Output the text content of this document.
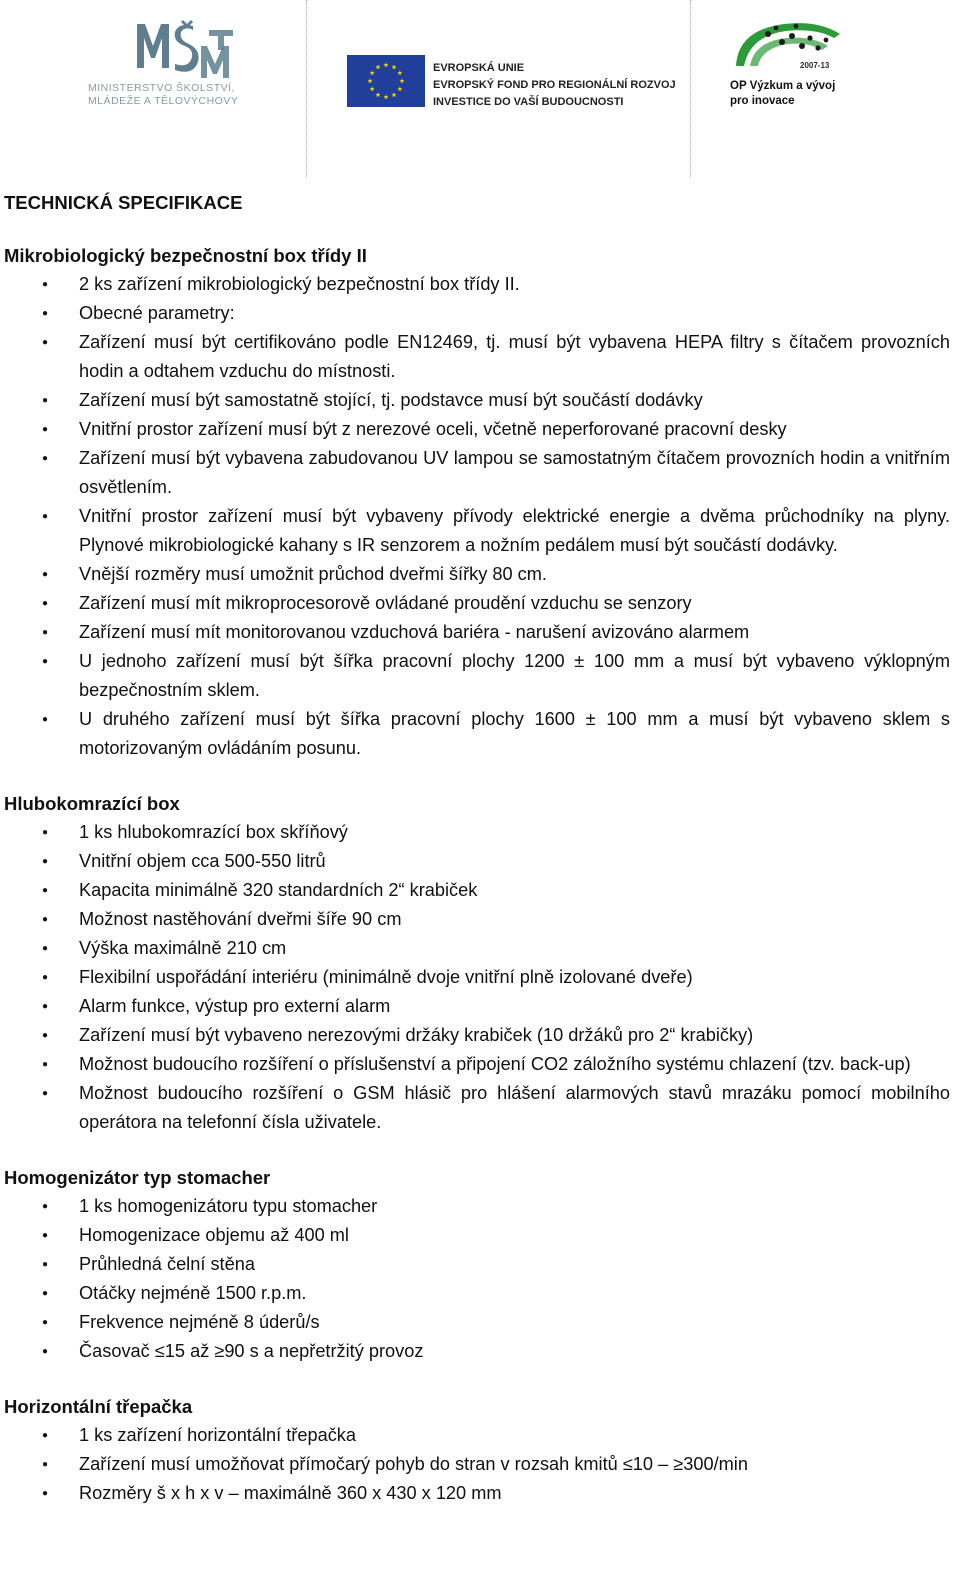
MINISTERSTVO ŠKOLSTVÍ,
MLÁDEŽE A TĚLOVÝCHOVY
EVROPSKÁ UNIE
EVROPSKÝ FOND PRO REGIONÁLNÍ ROZVOJ
INVESTICE DO VAŠÍ BUDOUCNOSTI
2007-13
OP Výzkum a vývoj
pro inovace
TECHNICKÁ SPECIFIKACE
Mikrobiologický bezpečnostní box třídy II
● 2 ks zařízení mikrobiologický bezpečnostní box třídy II.
● Obecné parametry:
● Zařízení musí být certifikováno podle EN12469, tj. musí být vybavena HEPA filtry s čítačem provozních hodin a odtahem vzduchu do místnosti.
● Zařízení musí být samostatně stojící, tj. podstavce musí být součástí dodávky
● Vnitřní prostor zařízení musí být z nerezové oceli, včetně neperforované pracovní desky
● Zařízení musí být vybavena zabudovanou UV lampou se samostatným čítačem provozních hodin a vnitřním osvětlením.
● Vnitřní prostor zařízení musí být vybaveny přívody elektrické energie a dvěma průchodníky na plyny. Plynové mikrobiologické kahany s IR senzorem a nožním pedálem musí být součástí dodávky.
● Vnější rozměry musí umožnit průchod dveřmi šířky 80 cm.
● Zařízení musí mít mikroprocesorově ovládané proudění vzduchu se senzory
● Zařízení musí mít monitorovanou vzduchová bariéra - narušení avizováno alarmem
● U jednoho zařízení musí být šířka pracovní plochy 1200 ± 100 mm a musí být vybaveno výklopným bezpečnostním sklem.
● U druhého zařízení musí být šířka pracovní plochy 1600 ± 100 mm a musí být vybaveno sklem s motorizovaným ovládáním posunu.
Hlubokomrazící box
● 1 ks hlubokomrazící box skříňový
● Vnitřní objem cca 500-550 litrů
● Kapacita minimálně 320 standardních 2“ krabiček
● Možnost nastěhování dveřmi šíře 90 cm
● Výška maximálně 210 cm
● Flexibilní uspořádání interiéru (minimálně dvoje vnitřní plně izolované dveře)
● Alarm funkce, výstup pro externí alarm
● Zařízení musí být vybaveno nerezovými držáky krabiček (10 držáků pro 2“ krabičky)
● Možnost budoucího rozšíření o příslušenství a připojení CO2 záložního systému chlazení (tzv. back-up)
● Možnost budoucího rozšíření o GSM hlásič pro hlášení alarmových stavů mrazáku pomocí mobilního operátora na telefonní čísla uživatele.
Homogenizátor typ stomacher
● 1 ks homogenizátoru typu stomacher
● Homogenizace objemu až 400 ml
● Průhledná čelní stěna
● Otáčky nejméně 1500 r.p.m.
● Frekvence nejméně 8 úderů/s
● Časovač ≤15 až ≥90 s a nepřetržitý provoz
Horizontální třepačka
● 1 ks zařízení horizontální třepačka
● Zařízení musí umožňovat přímočarý pohyb do stran v rozsah kmitů ≤10 – ≥300/min
● Rozměry š x h x v – maximálně 360 x 430 x 120 mm
